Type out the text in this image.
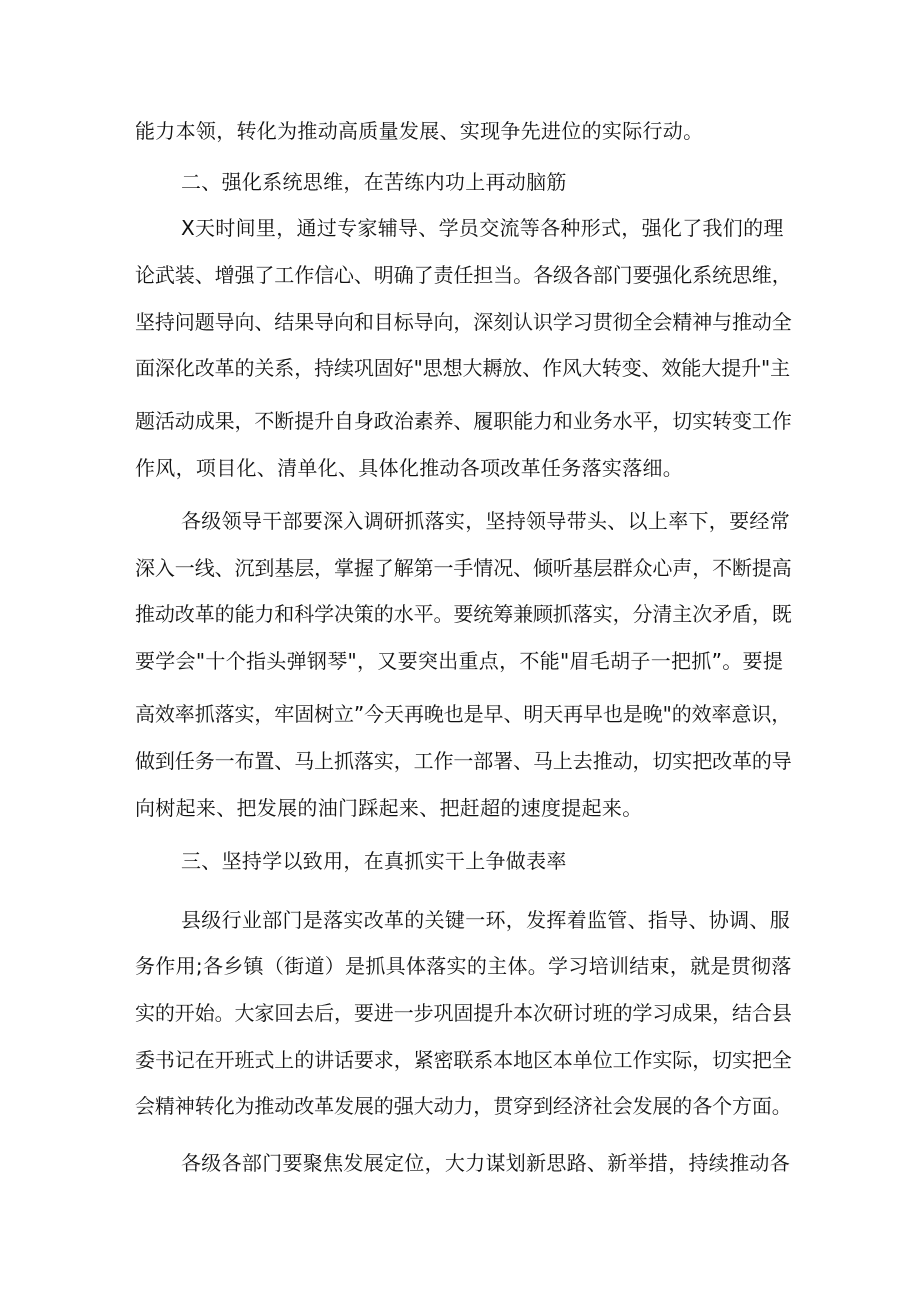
能力本领，转化为推动高质量发展、实现争先进位的实际行动。
二、强化系统思维，在苦练内功上再动脑筋
X天时间里，通过专家辅导、学员交流等各种形式，强化了我们的理
论武装、增强了工作信心、明确了责任担当。各级各部门要强化系统思维，
坚持问题导向、结果导向和目标导向，深刻认识学习贯彻全会精神与推动全
面深化改革的关系，持续巩固好"思想大耨放、作风大转变、效能大提升"主
题活动成果，不断提升自身政治素养、履职能力和业务水平，切实转变工作
作风，项目化、清单化、具体化推动各项改革任务落实落细。
各级领导干部要深入调研抓落实，坚持领导带头、以上率下，要经常
深入一线、沉到基层，掌握了解第一手情况、倾听基层群众心声，不断提高
推动改革的能力和科学决策的水平。要统筹兼顾抓落实，分清主次矛盾，既
要学会"十个指头弹钢琴"，又要突出重点，不能"眉毛胡子一把抓”。要提
高效率抓落实，牢固树立”今天再晚也是早、明天再早也是晚"的效率意识，
做到任务一布置、马上抓落实，工作一部署、马上去推动，切实把改革的导
向树起来、把发展的油门踩起来、把赶超的速度提起来。
三、坚持学以致用，在真抓实干上争做表率
县级行业部门是落实改革的关键一环，发挥着监管、指导、协调、服
务作用;各乡镇（街道）是抓具体落实的主体。学习培训结束，就是贯彻落
实的开始。大家回去后，要进一步巩固提升本次研讨班的学习成果，结合县
委书记在开班式上的讲话要求，紧密联系本地区本单位工作实际，切实把全
会精神转化为推动改革发展的强大动力，贯穿到经济社会发展的各个方面。
各级各部门要聚焦发展定位，大力谋划新思路、新举措，持续推动各
